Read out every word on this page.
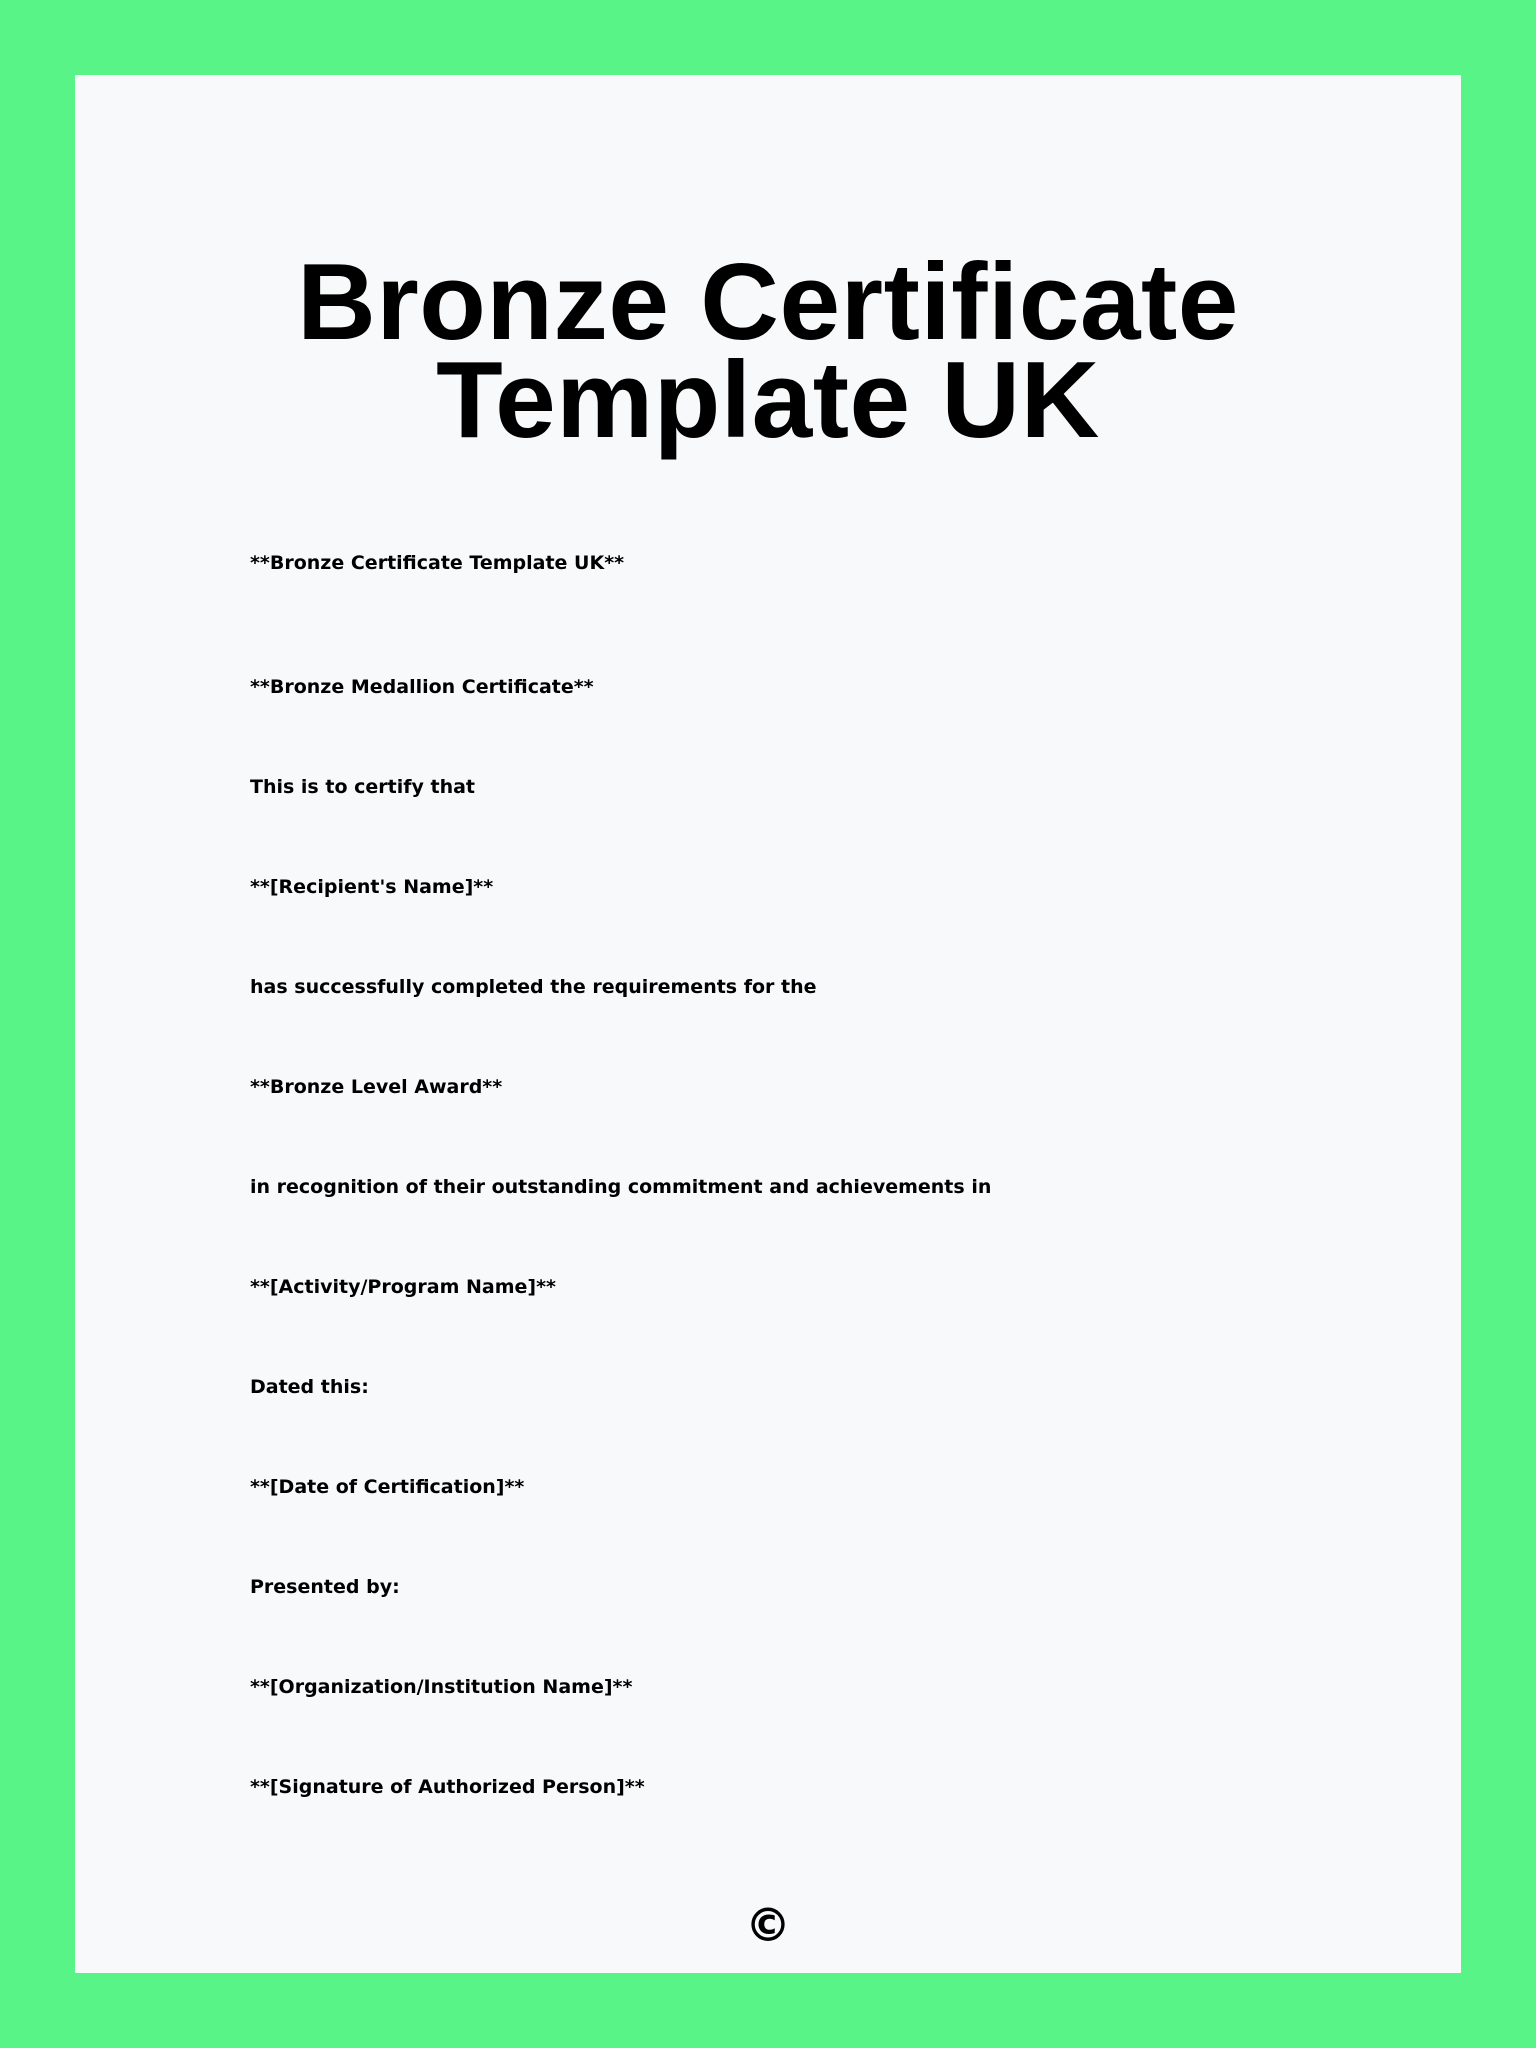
Bronze Certificate Template UK

**Bronze Certificate Template UK**

**Bronze Medallion Certificate**

This is to certify that

**[Recipient's Name]**

has successfully completed the requirements for the

**Bronze Level Award**

in recognition of their outstanding commitment and achievements in

**[Activity/Program Name]**

Dated this:

**[Date of Certification]**

Presented by:

**[Organization/Institution Name]**

**[Signature of Authorized Person]**

©
